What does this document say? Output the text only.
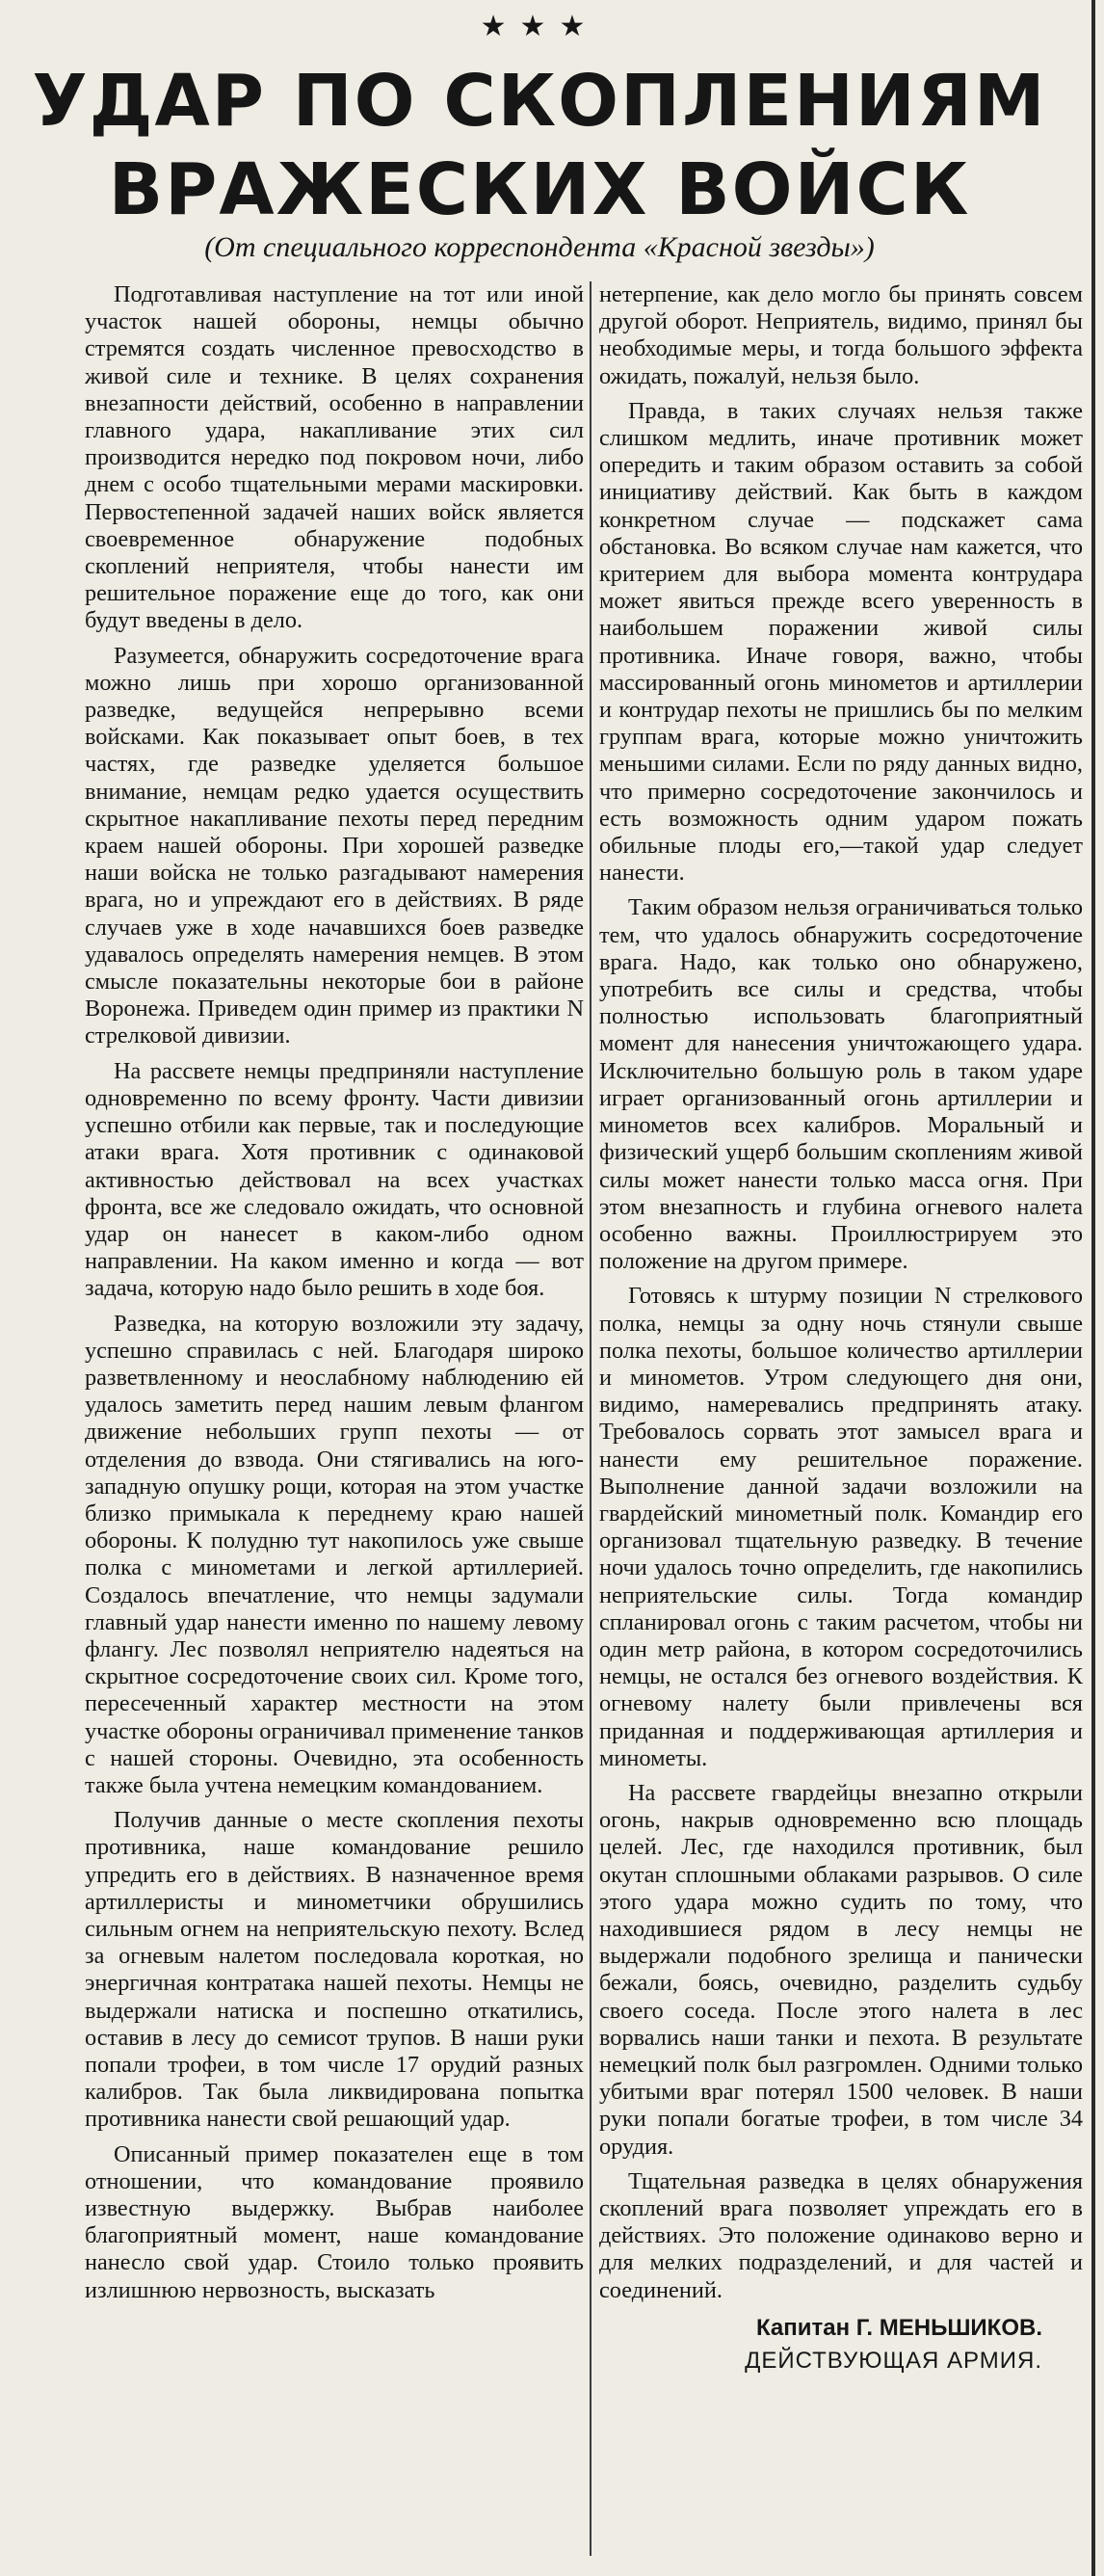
★★★
УДАР ПО СКОПЛЕНИЯМ
ВРАЖЕСКИХ ВОЙСК
(От специального корреспондента «Красной звезды»)

Подготавливая наступление на тот или иной участок нашей обороны, немцы обычно стремятся создать численное превосходство в живой силе и технике. В целях сохранения внезапности действий, особенно в направлении главного удара, накапливание этих сил производится нередко под покровом ночи, либо днем с особо тщательными мерами маскировки. Первостепенной задачей наших войск является своевременное обнаружение подобных скоплений неприятеля, чтобы нанести им решительное поражение еще до того, как они будут введены в дело.

Разумеется, обнаружить сосредоточение врага можно лишь при хорошо организованной разведке, ведущейся непрерывно всеми войсками. Как показывает опыт боев, в тех частях, где разведке уделяется большое внимание, немцам редко удается осуществить скрытное накапливание пехоты перед передним краем нашей обороны. При хорошей разведке наши войска не только разгадывают намерения врага, но и упреждают его в действиях. В ряде случаев уже в ходе начавшихся боев разведке удавалось определять намерения немцев. В этом смысле показательны некоторые бои в районе Воронежа. Приведем один пример из практики N стрелковой дивизии.

На рассвете немцы предприняли наступление одновременно по всему фронту. Части дивизии успешно отбили как первые, так и последующие атаки врага. Хотя противник с одинаковой активностью действовал на всех участках фронта, все же следовало ожидать, что основной удар он нанесет в каком-либо одном направлении. На каком именно и когда — вот задача, которую надо было решить в ходе боя.

Разведка, на которую возложили эту задачу, успешно справилась с ней. Благодаря широко разветвленному и неослабному наблюдению ей удалось заметить перед нашим левым флангом движение небольших групп пехоты — от отделения до взвода. Они стягивались на юго-западную опушку рощи, которая на этом участке близко примыкала к переднему краю нашей обороны. К полудню тут накопилось уже свыше полка с минометами и легкой артиллерией. Создалось впечатление, что немцы задумали главный удар нанести именно по нашему левому флангу. Лес позволял неприятелю надеяться на скрытное сосредоточение своих сил. Кроме того, пересеченный характер местности на этом участке обороны ограничивал применение танков с нашей стороны. Очевидно, эта особенность также была учтена немецким командованием.

Получив данные о месте скопления пехоты противника, наше командование решило упредить его в действиях. В назначенное время артиллеристы и минометчики обрушились сильным огнем на неприятельскую пехоту. Вслед за огневым налетом последовала короткая, но энергичная контратака нашей пехоты. Немцы не выдержали натиска и поспешно откатились, оставив в лесу до семисот трупов. В наши руки попали трофеи, в том числе 17 орудий разных калибров. Так была ликвидирована попытка противника нанести свой решающий удар.

Описанный пример показателен еще в том отношении, что командование проявило известную выдержку. Выбрав наиболее благоприятный момент, наше командование нанесло свой удар. Стоило только проявить излишнюю нервозность, высказать

нетерпение, как дело могло бы принять совсем другой оборот. Неприятель, видимо, принял бы необходимые меры, и тогда большого эффекта ожидать, пожалуй, нельзя было.

Правда, в таких случаях нельзя также слишком медлить, иначе противник может опередить и таким образом оставить за собой инициативу действий. Как быть в каждом конкретном случае — подскажет сама обстановка. Во всяком случае нам кажется, что критерием для выбора момента контрудара может явиться прежде всего уверенность в наибольшем поражении живой силы противника. Иначе говоря, важно, чтобы массированный огонь минометов и артиллерии и контрудар пехоты не пришлись бы по мелким группам врага, которые можно уничтожить меньшими силами. Если по ряду данных видно, что примерно сосредоточение закончилось и есть возможность одним ударом пожать обильные плоды его,—такой удар следует нанести.

Таким образом нельзя ограничиваться только тем, что удалось обнаружить сосредоточение врага. Надо, как только оно обнаружено, употребить все силы и средства, чтобы полностью использовать благоприятный момент для нанесения уничтожающего удара. Исключительно большую роль в таком ударе играет организованный огонь артиллерии и минометов всех калибров. Моральный и физический ущерб большим скоплениям живой силы может нанести только масса огня. При этом внезапность и глубина огневого налета особенно важны. Проиллюстрируем это положение на другом примере.

Готовясь к штурму позиции N стрелкового полка, немцы за одну ночь стянули свыше полка пехоты, большое количество артиллерии и минометов. Утром следующего дня они, видимо, намеревались предпринять атаку. Требовалось сорвать этот замысел врага и нанести ему решительное поражение. Выполнение данной задачи возложили на гвардейский минометный полк. Командир его организовал тщательную разведку. В течение ночи удалось точно определить, где накопились неприятельские силы. Тогда командир спланировал огонь с таким расчетом, чтобы ни один метр района, в котором сосредоточились немцы, не остался без огневого воздействия. К огневому налету были привлечены вся приданная и поддерживающая артиллерия и минометы.

На рассвете гвардейцы внезапно открыли огонь, накрыв одновременно всю площадь целей. Лес, где находился противник, был окутан сплошными облаками разрывов. О силе этого удара можно судить по тому, что находившиеся рядом в лесу немцы не выдержали подобного зрелища и панически бежали, боясь, очевидно, разделить судьбу своего соседа. После этого налета в лес ворвались наши танки и пехота. В результате немецкий полк был разгромлен. Одними только убитыми враг потерял 1500 человек. В наши руки попали богатые трофеи, в том числе 34 орудия.

Тщательная разведка в целях обнаружения скоплений врага позволяет упреждать его в действиях. Это положение одинаково верно и для мелких подразделений, и для частей и соединений.

Капитан Г. МЕНЬШИКОВ.
ДЕЙСТВУЮЩАЯ АРМИЯ.
